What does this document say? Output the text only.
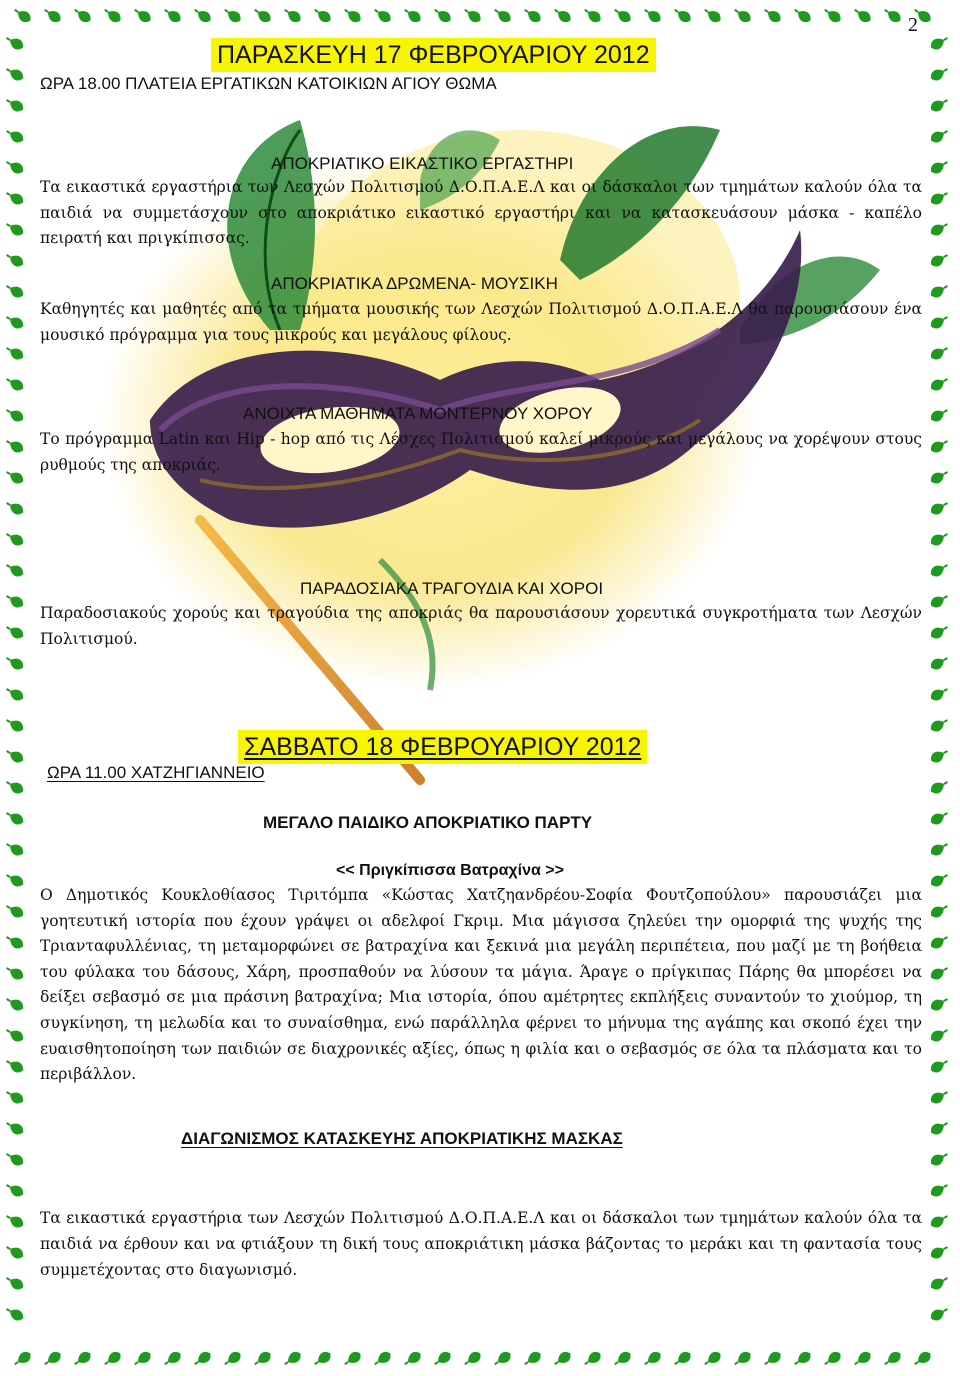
2
ΠΑΡΑΣΚΕΥΗ 17 ΦΕΒΡΟΥΑΡΙΟΥ 2012
ΩΡΑ 18.00 ΠΛΑΤΕΙΑ ΕΡΓΑΤΙΚΩΝ ΚΑΤΟΙΚΙΩΝ ΑΓΙΟΥ ΘΩΜΑ
ΑΠΟΚΡΙΑΤΙΚΟ ΕΙΚΑΣΤΙΚΟ ΕΡΓΑΣΤΗΡΙ
Τα εικαστικά εργαστήρια των Λεσχών Πολιτισμού Δ.Ο.Π.Α.Ε.Λ και οι δάσκαλοι των τμημάτων καλούν όλα τα παιδιά να συμμετάσχουν στο αποκριάτικο εικαστικό εργαστήρι και να κατασκευάσουν μάσκα - καπέλο πειρατή και πριγκίπισσας.
ΑΠΟΚΡΙΑΤΙΚΑ ΔΡΩΜΕΝΑ- ΜΟΥΣΙΚΗ
Καθηγητές και μαθητές από τα τμήματα μουσικής των Λεσχών Πολιτισμού Δ.Ο.Π.Α.Ε.Λ θα παρουσιάσουν ένα μουσικό πρόγραμμα για τους μικρούς και μεγάλους φίλους.
ΑΝΟΙΧΤΑ ΜΑΘΗΜΑΤΑ ΜΟΝΤΕΡΝΟΥ ΧΟΡΟΥ
Το πρόγραμμα Latin και Hip - hop από τις Λέσχες Πολιτισμού καλεί μικρούς και μεγάλους να χορέψουν στους ρυθμούς της αποκριάς.
ΠΑΡΑΔΟΣΙΑΚΑ ΤΡΑΓΟΥΔΙΑ ΚΑΙ ΧΟΡΟΙ
Παραδοσιακούς χορούς και τραγούδια της αποκριάς θα παρουσιάσουν χορευτικά συγκροτήματα των Λεσχών Πολιτισμού.
ΣΑΒΒΑΤΟ 18 ΦΕΒΡΟΥΑΡΙΟΥ 2012
ΩΡΑ 11.00 ΧΑΤΖΗΓΙΑΝΝΕΙΟ
ΜΕΓΑΛΟ ΠΑΙΔΙΚΟ ΑΠΟΚΡΙΑΤΙΚΟ ΠΑΡΤΥ
<< Πριγκίπισσα Βατραχίνα >>
Ο Δημοτικός Κουκλοθίασος Τιριτόμπα «Κώστας Χατζηανδρέου-Σοφία Φουτζοπούλου» παρουσιάζει μια γοητευτική ιστορία που έχουν γράψει οι αδελφοί Γκριμ. Μια μάγισσα ζηλεύει την ομορφιά της ψυχής της Τριανταφυλλένιας, τη μεταμορφώνει σε βατραχίνα και ξεκινά μια μεγάλη περιπέτεια, που μαζί με τη βοήθεια του φύλακα του δάσους, Χάρη, προσπαθούν να λύσουν τα μάγια. Άραγε ο πρίγκιπας Πάρης θα μπορέσει να δείξει σεβασμό σε μια πράσινη βατραχίνα; Μια ιστορία, όπου αμέτρητες εκπλήξεις συναντούν το χιούμορ, τη συγκίνηση, τη μελωδία και το συναίσθημα, ενώ παράλληλα φέρνει το μήνυμα της αγάπης και σκοπό έχει την ευαισθητοποίηση των παιδιών σε διαχρονικές αξίες, όπως η φιλία και ο σεβασμός σε όλα τα πλάσματα και το περιβάλλον.
ΔΙΑΓΩΝΙΣΜΟΣ ΚΑΤΑΣΚΕΥΗΣ ΑΠΟΚΡΙΑΤΙΚΗΣ ΜΑΣΚΑΣ
Τα εικαστικά εργαστήρια των Λεσχών Πολιτισμού Δ.Ο.Π.Α.Ε.Λ και οι δάσκαλοι των τμημάτων καλούν όλα τα παιδιά να έρθουν και να φτιάξουν τη δική τους αποκριάτικη μάσκα βάζοντας το μεράκι και τη φαντασία τους συμμετέχοντας στο διαγωνισμό.
